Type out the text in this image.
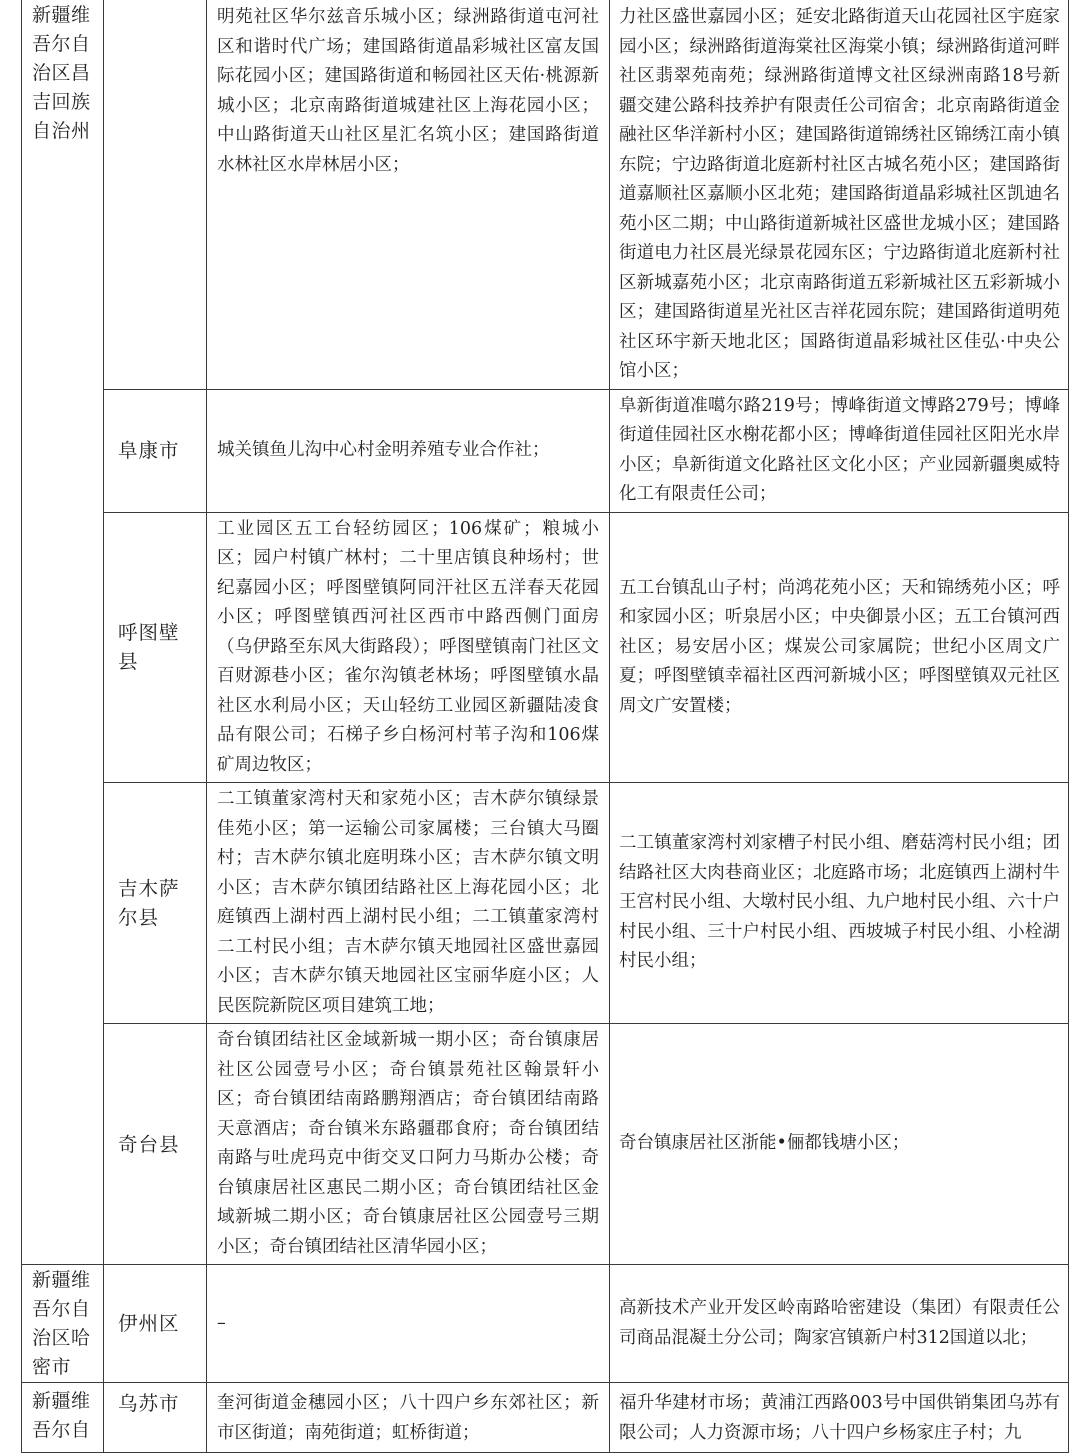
新疆维吾尔自治区昌吉回族自治州		明苑社区华尔兹音乐城小区；绿洲路街道屯河社区和谐时代广场；建国路街道晶彩城社区富友国际花园小区；建国路街道和畅园社区天佑·桃源新城小区；北京南路街道城建社区上海花园小区；中山路街道天山社区星汇名筑小区；建国路街道水林社区水岸林居小区；	力社区盛世嘉园小区；延安北路街道天山花园社区宇庭家园小区；绿洲路街道海棠社区海棠小镇；绿洲路街道河畔社区翡翠苑南苑；绿洲路街道博文社区绿洲南路18号新疆交建公路科技养护有限责任公司宿舍；北京南路街道金融社区华洋新村小区；建国路街道锦绣社区锦绣江南小镇东院；宁边路街道北庭新村社区古城名苑小区；建国路街道嘉顺社区嘉顺小区北苑；建国路街道晶彩城社区凯迪名苑小区二期；中山路街道新城社区盛世龙城小区；建国路街道电力社区晨光绿景花园东区；宁边路街道北庭新村社区新城嘉苑小区；北京南路街道五彩新城社区五彩新城小区；建国路街道星光社区吉祥花园东院；建国路街道明苑社区环宇新天地北区；国路街道晶彩城社区佳弘·中央公馆小区；

	阜康市	城关镇鱼儿沟中心村金明养殖专业合作社；	阜新街道准噶尔路219号；博峰街道文博路279号；博峰街道佳园社区水榭花都小区；博峰街道佳园社区阳光水岸小区；阜新街道文化路社区文化小区；产业园新疆奥威特化工有限责任公司；

	呼图壁县	工业园区五工台轻纺园区；106煤矿；粮城小区；园户村镇广林村；二十里店镇良种场村；世纪嘉园小区；呼图壁镇阿同汗社区五洋春天花园小区；呼图壁镇西河社区西市中路西侧门面房（乌伊路至东风大街路段）；呼图壁镇南门社区文百财源巷小区；雀尔沟镇老林场；呼图壁镇水晶社区水利局小区；天山轻纺工业园区新疆陆凌食品有限公司；石梯子乡白杨河村苇子沟和106煤矿周边牧区；	五工台镇乱山子村；尚鸿花苑小区；天和锦绣苑小区；呼和家园小区；听泉居小区；中央御景小区；五工台镇河西社区；易安居小区；煤炭公司家属院；世纪小区周文广夏；呼图壁镇幸福社区西河新城小区；呼图壁镇双元社区周文广安置楼；

	吉木萨尔县	二工镇董家湾村天和家苑小区；吉木萨尔镇绿景佳苑小区；第一运输公司家属楼；三台镇大马圈村；吉木萨尔镇北庭明珠小区；吉木萨尔镇文明小区；吉木萨尔镇团结路社区上海花园小区；北庭镇西上湖村西上湖村民小组；二工镇董家湾村二工村民小组；吉木萨尔镇天地园社区盛世嘉园小区；吉木萨尔镇天地园社区宝丽华庭小区；人民医院新院区项目建筑工地；	二工镇董家湾村刘家槽子村民小组、磨菇湾村民小组；团结路社区大肉巷商业区；北庭路市场；北庭镇西上湖村牛王宫村民小组、大墩村民小组、九户地村民小组、六十户村民小组、三十户村民小组、西坡城子村民小组、小栓湖村民小组；

	奇台县	奇台镇团结社区金域新城一期小区；奇台镇康居社区公园壹号小区；奇台镇景苑社区翰景轩小区；奇台镇团结南路鹏翔酒店；奇台镇团结南路天意酒店；奇台镇米东路疆郡食府；奇台镇团结南路与吐虎玛克中街交叉口阿力马斯办公楼；奇台镇康居社区惠民二期小区；奇台镇团结社区金域新城二期小区；奇台镇康居社区公园壹号三期小区；奇台镇团结社区清华园小区；	奇台镇康居社区浙能•俪都钱塘小区；

新疆维吾尔自治区哈密市	伊州区	–	高新技术产业开发区岭南路哈密建设（集团）有限责任公司商品混凝土分公司；陶家宫镇新户村312国道以北；

新疆维吾尔自	乌苏市	奎河街道金穗园小区；八十四户乡东郊社区；新市区街道；南苑街道；虹桥街道；	福升华建材市场；黄浦江西路003号中国供销集团乌苏有限公司；人力资源市场；八十四户乡杨家庄子村；九
